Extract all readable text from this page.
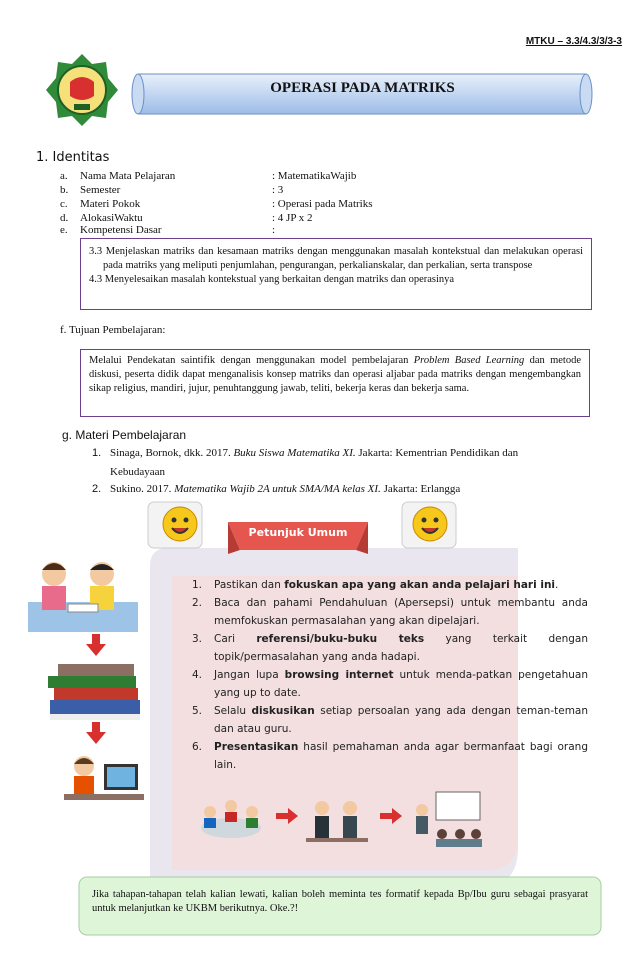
MTKU – 3.3/4.3/3/3-3
OPERASI PADA MATRIKS
1. Identitas
a. Nama Mata Pelajaran	: MatematikaWajib
b. Semester	: 3
c. Materi Pokok	: Operasi pada Matriks
d. AlokasiWaktu	: 4 JP x 2
e. Kompetensi Dasar	:

3.3 Menjelaskan matriks dan kesamaan matriks dengan menggunakan masalah kontekstual dan melakukan operasi pada matriks yang meliputi penjumlahan, pengurangan, perkalianskalar, dan perkalian, serta transpose

4.3 Menyelesaikan masalah kontekstual yang berkaitan dengan matriks dan operasinya

f. Tujuan Pembelajaran:
Melalui Pendekatan saintifik dengan menggunakan model pembelajaran Problem Based Learning dan metode diskusi, peserta didik dapat menganalisis konsep matriks dan operasi aljabar pada matriks dengan mengembangkan sikap religius, mandiri, jujur, penuhtanggung jawab, teliti, bekerja keras dan bekerja sama.
g. Materi Pembelajaran
1. Sinaga, Bornok, dkk. 2017. Buku Siswa Matematika XI. Jakarta: Kementrian Pendidikan dan
Kebudayaan
2. Sukino. 2017. Matematika Wajib 2A untuk SMA/MA kelas XI. Jakarta: Erlangga
Petunjuk Umum
1.	Pastikan dan fokuskan apa yang akan anda pelajari hari ini.
2.	Baca dan pahami Pendahuluan (Apersepsi) untuk membantu anda memfokuskan permasalahan yang akan dipelajari.
3.	Cari referensi/buku-buku teks yang terkait dengan topik/permasalahan yang anda hadapi.
4.	Jangan lupa browsing internet untuk menda-patkan pengetahuan yang up to date.
5.	Selalu diskusikan setiap persoalan yang ada dengan teman-teman dan atau guru.
6.	Presentasikan hasil pemahaman anda agar bermanfaat bagi orang lain.
Jika tahapan-tahapan telah kalian lewati, kalian boleh meminta tes formatif kepada Bp/Ibu guru sebagai prasyarat untuk melanjutkan ke UKBM berikutnya. Oke.?!
